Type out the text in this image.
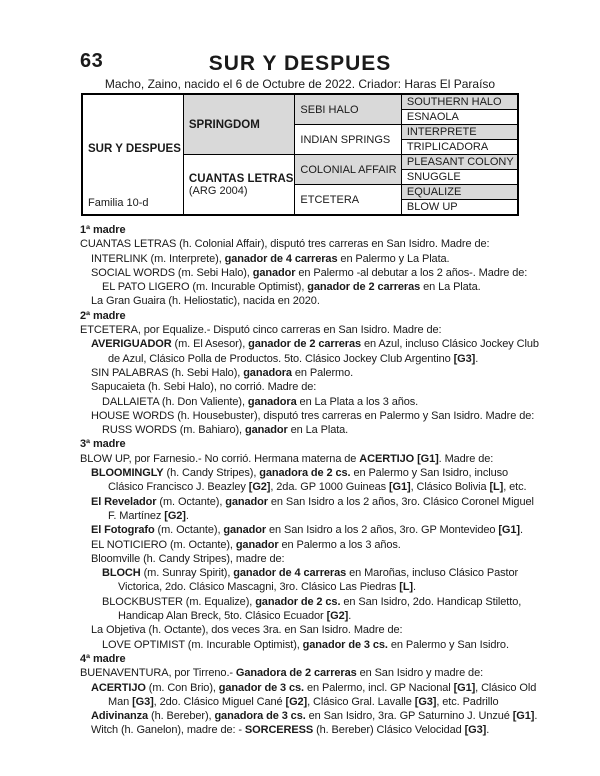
63	SUR Y DESPUES
Macho, Zaino, nacido el 6 de Octubre de 2022. Criador: Haras El Paraíso
SUR Y DESPUES
Familia 10-d	SPRINGDOM	SEBI HALO	SOUTHERN HALO
			ESNAOLA
		INDIAN SPRINGS	INTERPRETE
			TRIPLICADORA

	CUANTAS LETRAS
(ARG 2004)	COLONIAL AFFAIR	PLEASANT COLONY
			SNUGGLE
		ETCETERA	EQUALIZE
			BLOW UP
1ª madre
CUANTAS LETRAS (h. Colonial Affair), disputó tres carreras en San Isidro. Madre de:
INTERLINK (m. Interprete), ganador de 4 carreras en Palermo y La Plata.
SOCIAL WORDS (m. Sebi Halo), ganador en Palermo -al debutar a los 2 años-. Madre de:
EL PATO LIGERO (m. Incurable Optimist), ganador de 2 carreras en La Plata.
La Gran Guaira (h. Heliostatic), nacida en 2020.
2ª madre
ETCETERA, por Equalize.- Disputó cinco carreras en San Isidro. Madre de:
AVERIGUADOR (m. El Asesor), ganador de 2 carreras en Azul, incluso Clásico Jockey Club
de Azul, Clásico Polla de Productos. 5to. Clásico Jockey Club Argentino [G3].
SIN PALABRAS (h. Sebi Halo), ganadora en Palermo.
Sapucaieta (h. Sebi Halo), no corrió. Madre de:
DALLAIETA (h. Don Valiente), ganadora en La Plata a los 3 años.
HOUSE WORDS (h. Housebuster), disputó tres carreras en Palermo y San Isidro. Madre de:
RUSS WORDS (m. Bahiaro), ganador en La Plata.
3ª madre
BLOW UP, por Farnesio.- No corrió. Hermana materna de ACERTIJO [G1]. Madre de:
BLOOMINGLY (h. Candy Stripes), ganadora de 2 cs. en Palermo y San Isidro, incluso
Clásico Francisco J. Beazley [G2], 2da. GP 1000 Guineas [G1], Clásico Bolivia [L], etc.
El Revelador (m. Octante), ganador en San Isidro a los 2 años, 3ro. Clásico Coronel Miguel
F. Martínez [G2].
El Fotografo (m. Octante), ganador en San Isidro a los 2 años, 3ro. GP Montevideo [G1].
EL NOTICIERO (m. Octante), ganador en Palermo a los 3 años.
Bloomville (h. Candy Stripes), madre de:
BLOCH (m. Sunray Spirit), ganador de 4 carreras en Maroñas, incluso Clásico Pastor
Victorica, 2do. Clásico Mascagni, 3ro. Clásico Las Piedras [L].
BLOCKBUSTER (m. Equalize), ganador de 2 cs. en San Isidro, 2do. Handicap Stiletto,
Handicap Alan Breck, 5to. Clásico Ecuador [G2].
La Objetiva (h. Octante), dos veces 3ra. en San Isidro. Madre de:
LOVE OPTIMIST (m. Incurable Optimist), ganador de 3 cs. en Palermo y San Isidro.
4ª madre
BUENAVENTURA, por Tirreno.- Ganadora de 2 carreras en San Isidro y madre de:
ACERTIJO (m. Con Brio), ganador de 3 cs. en Palermo, incl. GP Nacional [G1], Clásico Old
Man [G3], 2do. Clásico Miguel Cané [G2], Clásico Gral. Lavalle [G3], etc. Padrillo
Adivinanza (h. Bereber), ganadora de 3 cs. en San Isidro, 3ra. GP Saturnino J. Unzué [G1].
Witch (h. Ganelon), madre de: - SORCERESS (h. Bereber) Clásico Velocidad [G3].
